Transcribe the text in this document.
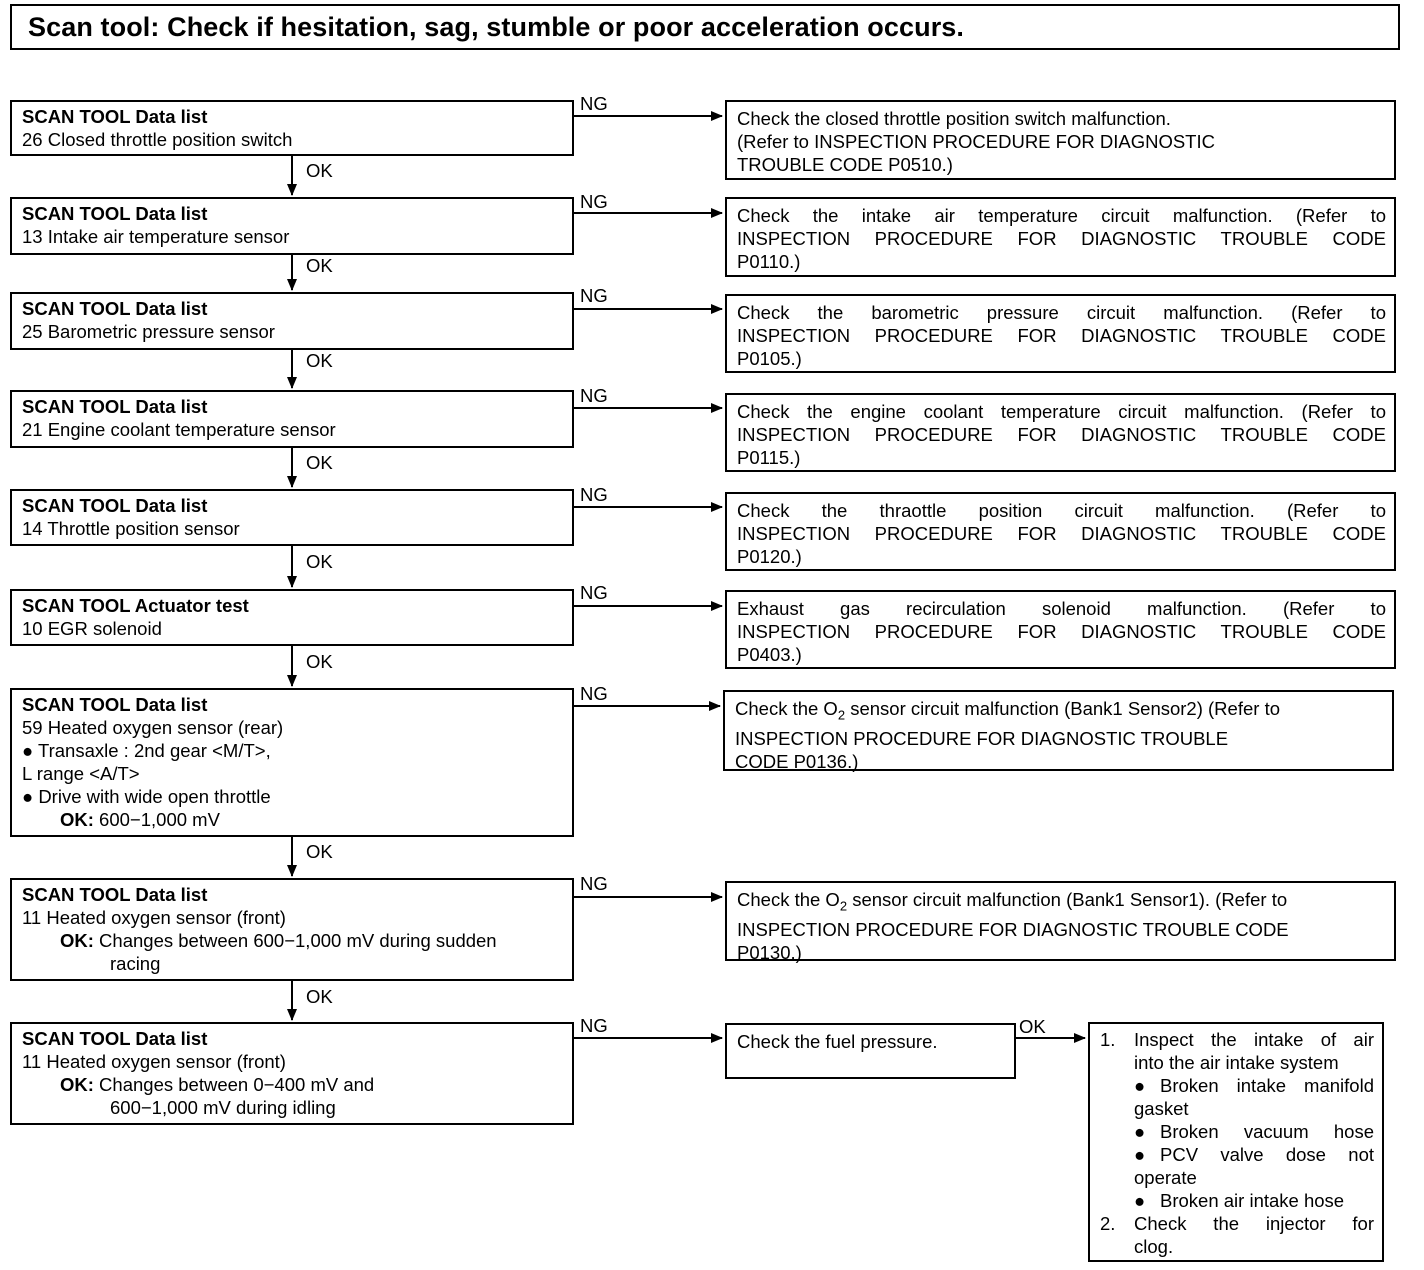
Scan tool: Check if hesitation, sag, stumble or poor acceleration occurs.
SCAN TOOL Data list
26 Closed throttle position switch
SCAN TOOL Data list
13 Intake air temperature sensor
SCAN TOOL Data list
25 Barometric pressure sensor
SCAN TOOL Data list
21 Engine coolant temperature sensor
SCAN TOOL Data list
14 Throttle position sensor
SCAN TOOL Actuator test
10 EGR solenoid
SCAN TOOL Data list
59 Heated oxygen sensor (rear)
● Transaxle : 2nd gear <M/T>,
L range <A/T>
● Drive with wide open throttle
OK: 600−1,000 mV
SCAN TOOL Data list
11 Heated oxygen sensor (front)
OK: Changes between 600−1,000 mV during sudden
racing
SCAN TOOL Data list
11 Heated oxygen sensor (front)
OK: Changes between 0−400 mV and
600−1,000 mV during idling
NG
NG
NG
NG
NG
NG
NG
NG
NG	OK
OK
OK
OK
OK
OK
OK
OK
OK
Check the closed throttle position switch malfunction.
(Refer to INSPECTION PROCEDURE FOR DIAGNOSTIC
TROUBLE CODE P0510.)
Check the intake air temperature circuit malfunction. (Refer to
INSPECTION PROCEDURE FOR DIAGNOSTIC TROUBLE CODE
P0110.)
Check the barometric pressure circuit malfunction. (Refer to
INSPECTION PROCEDURE FOR DIAGNOSTIC TROUBLE CODE
P0105.)
Check the engine coolant temperature circuit malfunction. (Refer to
INSPECTION PROCEDURE FOR DIAGNOSTIC TROUBLE CODE
P0115.)
Check the thraottle position circuit malfunction. (Refer to
INSPECTION PROCEDURE FOR DIAGNOSTIC TROUBLE CODE
P0120.)
Exhaust gas recirculation solenoid malfunction. (Refer to
INSPECTION PROCEDURE FOR DIAGNOSTIC TROUBLE CODE
P0403.)
Check the $O_2$ sensor circuit malfunction (Bank1 Sensor2) (Refer to
INSPECTION PROCEDURE FOR DIAGNOSTIC TROUBLE
CODE P0136.)
Check the $O_2$ sensor circuit malfunction (Bank1 Sensor1). (Refer to
INSPECTION PROCEDURE FOR DIAGNOSTIC TROUBLE CODE
P0130.)
Check the fuel pressure.	1.	Inspect the intake of air
into the air intake system
● Broken intake manifold
gasket
● Broken vacuum hose
● PCV valve dose not
operate
● Broken air intake hose
2.	Check the injector for
clog.
